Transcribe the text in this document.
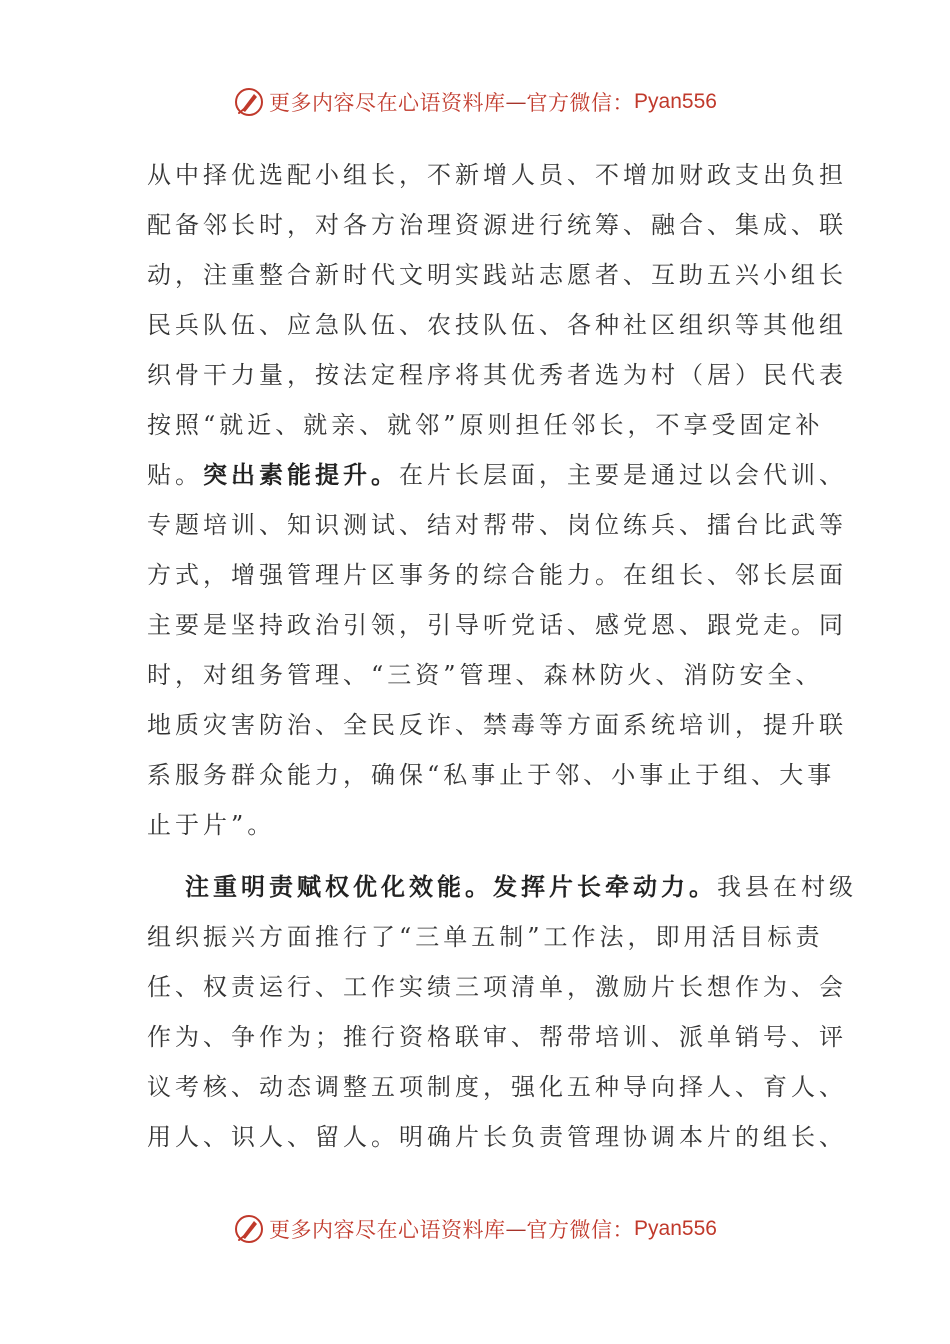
更多内容尽在心语资料库 — 官方微信： Pyan556
从中择优选配小组长，不新增人员、不增加财政支出负担
配备邻长时，对各方治理资源进行统筹、融合、集成、联
动，注重整合新时代文明实践站志愿者、互助五兴小组长
民兵队伍、应急队伍、农技队伍、各种社区组织等其他组
织骨干力量，按法定程序将其优秀者选为村（居）民代表
按照“就近、就亲、就邻”原则担任邻长，不享受固定补
贴。突出素能提升。在片长层面，主要是通过以会代训、
专题培训、知识测试、结对帮带、岗位练兵、擂台比武等
方式，增强管理片区事务的综合能力。在组长、邻长层面
主要是坚持政治引领，引导听党话、感党恩、跟党走。同
时，对组务管理、“三资”管理、森林防火、消防安全、
地质灾害防治、全民反诈、禁毒等方面系统培训，提升联
系服务群众能力，确保“私事止于邻、小事止于组、大事
止于片”。
注重明责赋权优化效能。发挥片长牵动力。我县在村级
组织振兴方面推行了“三单五制”工作法，即用活目标责
任、权责运行、工作实绩三项清单，激励片长想作为、会
作为、争作为；推行资格联审、帮带培训、派单销号、评
议考核、动态调整五项制度，强化五种导向择人、育人、
用人、识人、留人。明确片长负责管理协调本片的组长、
更多内容尽在心语资料库 — 官方微信： Pyan556
